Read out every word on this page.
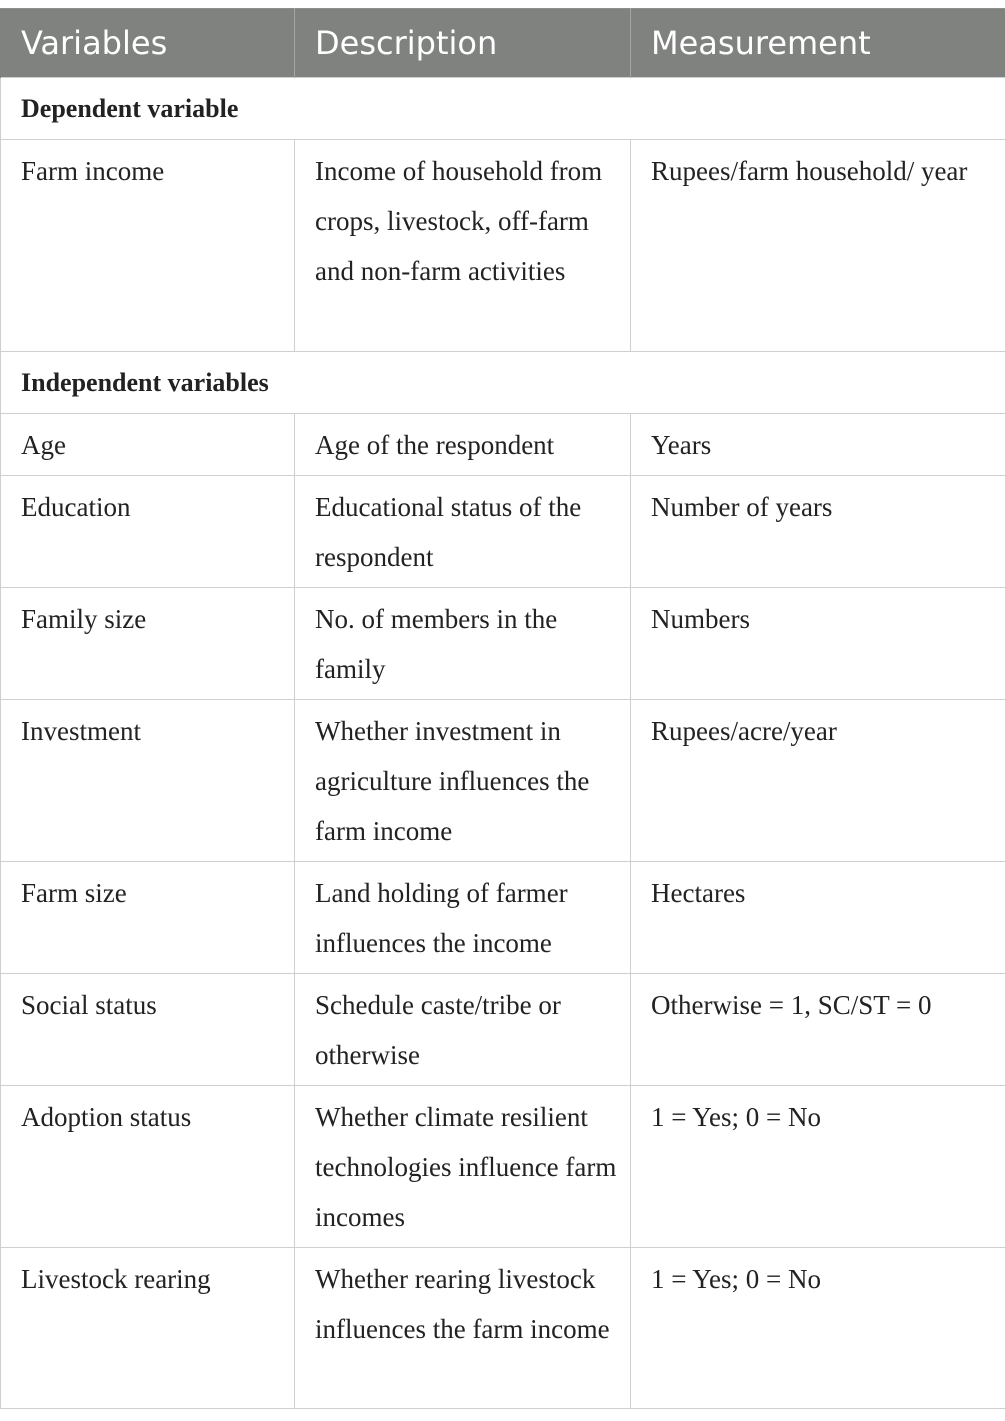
Variables	Description	Measurement
Dependent variable		
Farm income	Income of household from crops, livestock, off-farm and non-farm activities	Rupees/farm household/ year
Independent variables		
Age	Age of the respondent	Years
Education	Educational status of the respondent	Number of years
Family size	No. of members in the family	Numbers
Investment	Whether investment in agriculture influences the farm income	Rupees/acre/year
Farm size	Land holding of farmer influences the income	Hectares
Social status	Schedule caste/tribe or otherwise	Otherwise = 1, SC/ST = 0
Adoption status	Whether climate resilient technologies influence farm incomes	1 = Yes; 0 = No
Livestock rearing	Whether rearing livestock influences the farm income	1 = Yes; 0 = No
